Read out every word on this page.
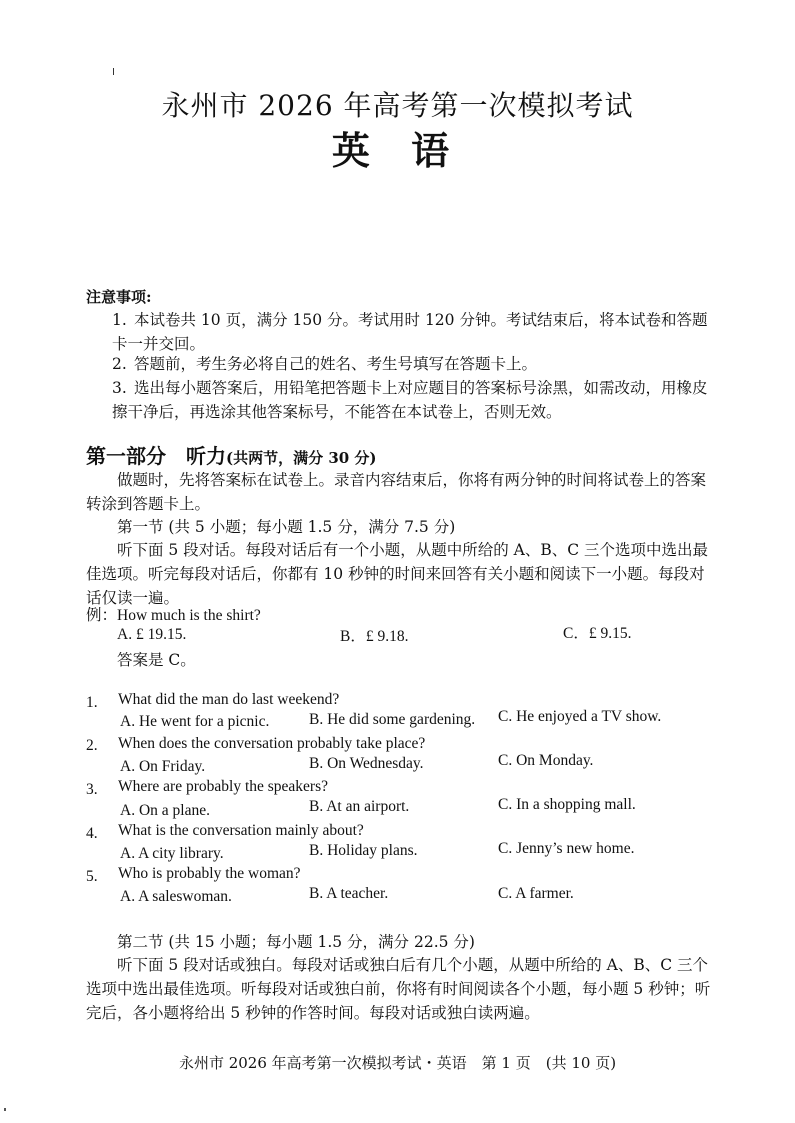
永州市 2026 年高考第一次模拟考试
英 语
注意事项:
1. 本试卷共 10 页，满分 150 分。考试用时 120 分钟。考试结束后，将本试卷和答题卡一并交回。
2. 答题前，考生务必将自己的姓名、考生号填写在答题卡上。
3. 选出每小题答案后，用铅笔把答题卡上对应题目的答案标号涂黑，如需改动，用橡皮擦干净后，再选涂其他答案标号，不能答在本试卷上，否则无效。
第一部分　听力(共两节，满分 30 分)
做题时，先将答案标在试卷上。录音内容结束后，你将有两分钟的时间将试卷上的答案转涂到答题卡上。
第一节 (共 5 小题；每小题 1.5 分，满分 7.5 分)
听下面 5 段对话。每段对话后有一个小题，从题中所给的 A、B、C 三个选项中选出最佳选项。听完每段对话后，你都有 10 秒钟的时间来回答有关小题和阅读下一小题。每段对话仅读一遍。
例：How much is the shirt?
A. £ 19.15.	B．£ 9.18.	C．£ 9.15.
答案是 C。
1. What did the man do last weekend?
A. He went for a picnic.	B. He did some gardening. C. He enjoyed a TV show.
2. When does the conversation probably take place?
A. On Friday.	B. On Wednesday.	C. On Monday.
3. Where are probably the speakers?
A. On a plane.	B. At an airport.	C. In a shopping mall.
4. What is the conversation mainly about?
A. A city library.	B. Holiday plans.	C. Jenny’s new home.
5. Who is probably the woman?
A. A saleswoman.	B. A teacher.	C. A farmer.
第二节 (共 15 小题；每小题 1.5 分，满分 22.5 分)
听下面 5 段对话或独白。每段对话或独白后有几个小题，从题中所给的 A、B、C 三个选项中选出最佳选项。听每段对话或独白前，你将有时间阅读各个小题，每小题 5 秒钟；听完后，各小题将给出 5 秒钟的作答时间。每段对话或独白读两遍。
永州市 2026 年高考第一次模拟考试・英语　第 1 页　(共 10 页)
